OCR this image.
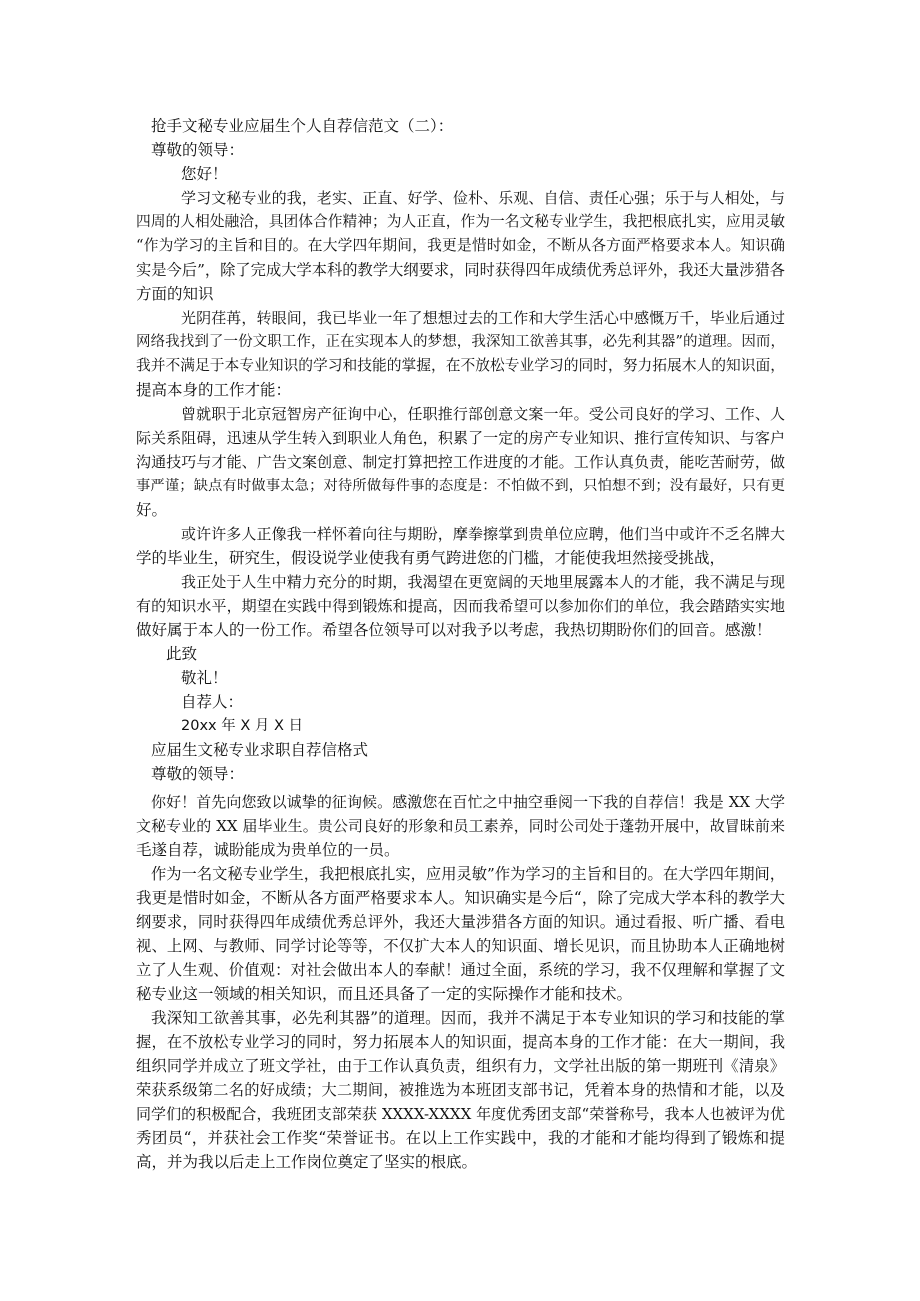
抢手文秘专业应届生个人自荐信范文（二）：
尊敬的领导：
您好！
学习文秘专业的我，老实、正直、好学、俭朴、乐观、自信、责任心强；乐于与人相处，与
四周的人相处融洽，具团体合作精神；为人正直，作为一名文秘专业学生，我把根底扎实，应用灵敏
“作为学习的主旨和目的。在大学四年期间，我更是惜时如金，不断从各方面严格要求本人。知识确
实是今后”，除了完成大学本科的教学大纲要求，同时获得四年成绩优秀总评外，我还大量涉猎各
方面的知识
光阴荏苒，转眼间，我已毕业一年了想想过去的工作和大学生活心中感慨万千，毕业后通过
网络我找到了一份文职工作，正在实现本人的梦想，我深知工欲善其事，必先利其器”的道理。因而，
我并不满足于本专业知识的学习和技能的掌握，在不放松专业学习的同时，努力拓展木人的知识面，
提高本身的工作才能：
曾就职于北京冠智房产征询中心，任职推行部创意文案一年。受公司良好的学习、工作、人
际关系阻碍，迅速从学生转入到职业人角色，积累了一定的房产专业知识、推行宣传知识、与客户
沟通技巧与才能、广告文案创意、制定打算把控工作进度的才能。工作认真负责，能吃苦耐劳，做
事严谨；缺点有时做事太急；对待所做每件事的态度是：不怕做不到，只怕想不到；没有最好，只有更
好。
或许许多人正像我一样怀着向往与期盼，摩拳擦掌到贵单位应聘，他们当中或许不乏名牌大
学的毕业生，研究生，假设说学业使我有勇气跨进您的门槛，才能使我坦然接受挑战，
我正处于人生中精力充分的时期，我渴望在更宽阔的天地里展露本人的才能，我不满足与现
有的知识水平，期望在实践中得到锻炼和提高，因而我希望可以参加你们的单位，我会踏踏实实地
做好属于本人的一份工作。希望各位领导可以对我予以考虑，我热切期盼你们的回音。感激！
此致
敬礼！
自荐人：
20xx 年 X 月 X 日
应届生文秘专业求职自荐信格式
尊敬的领导：
你好！首先向您致以诚挚的征询候。感激您在百忙之中抽空垂阅一下我的自荐信！我是 XX 大学
文秘专业的 XX 届毕业生。贵公司良好的形象和员工素养，同时公司处于蓬勃开展中，故冒昧前来
毛遂自荐，诚盼能成为贵单位的一员。
作为一名文秘专业学生，我把根底扎实，应用灵敏”作为学习的主旨和目的。在大学四年期间，
我更是惜时如金，不断从各方面严格要求本人。知识确实是今后“，除了完成大学本科的教学大
纲要求，同时获得四年成绩优秀总评外，我还大量涉猎各方面的知识。通过看报、听广播、看电
视、上网、与教师、同学讨论等等，不仅扩大本人的知识面、增长见识，而且协助本人正确地树
立了人生观、价值观：对社会做出本人的奉献！通过全面，系统的学习，我不仅理解和掌握了文
秘专业这一领域的相关知识，而且还具备了一定的实际操作才能和技术。
我深知工欲善其事，必先利其器”的道理。因而，我并不满足于本专业知识的学习和技能的掌
握，在不放松专业学习的同时，努力拓展本人的知识面，提高本身的工作才能：在大一期间，我
组织同学并成立了班文学社，由于工作认真负责，组织有力，文学社出版的第一期班刊《清泉》
荣获系级第二名的好成绩；大二期间，被推选为本班团支部书记，凭着本身的热情和才能，以及
同学们的积极配合，我班团支部荣获 XXXX-XXXX 年度优秀团支部“荣誉称号，我本人也被评为优
秀团员“，并获社会工作奖“荣誉证书。在以上工作实践中，我的才能和才能均得到了锻炼和提
高，并为我以后走上工作岗位奠定了坚实的根底。
